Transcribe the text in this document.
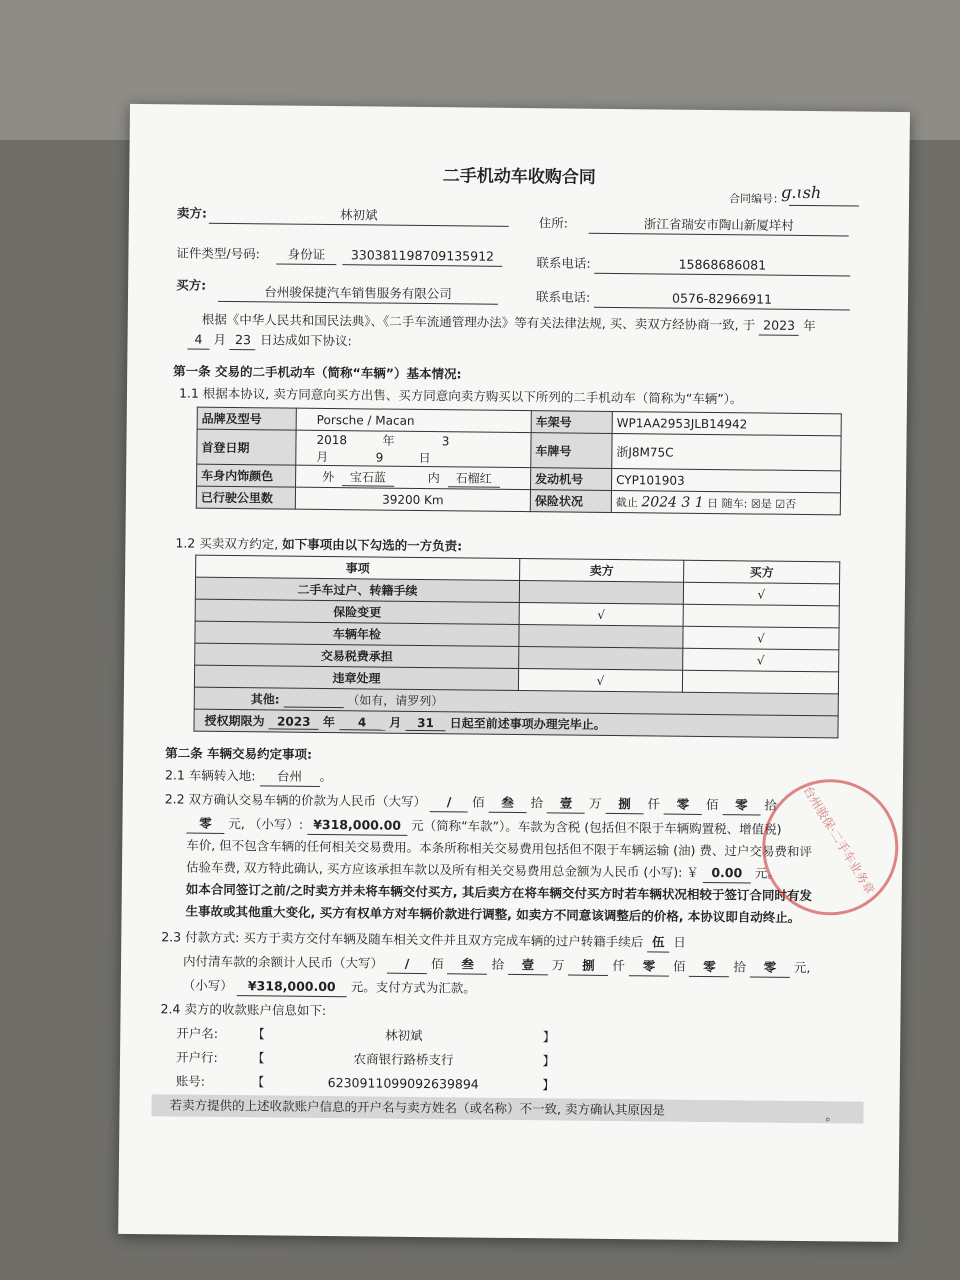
二手机动车收购合同
合同编号：
ɡ.ɩsh
卖方:	林初斌
住所:	浙江省瑞安市陶山新厦垟村
证件类型/号码:	身份证	330381198709135912	联系电话:	15868686081
买方:	台州骏保捷汽车销售服务有限公司	联系电话:	0576-82966911
根据《中华人民共和国民法典》、《二手车流通管理办法》等有关法律法规, 买、卖双方经协商一致, 于 2023 年
4 月 23 日达成如下协议:
第一条 交易的二手机动车（简称“车辆”）基本情况:
1.1 根据本协议, 卖方同意向买方出售、买方同意向卖方购买以下所列的二手机动车（简称为“车辆”）。
品牌及型号	Porsche / Macan	车架号	WP1AA2953JLB14942
首登日期	2018 年 3   月 9 日	车牌号	浙J8M75C
车身内饰颜色	外 宝石蓝 内 石榴红	发动机号	CYP101903
已行驶公里数	39200 Km	保险状况	截止 2024 3 1 日 随车: ☒是 ☑否
1.2 买卖双方约定, 如下事项由以下勾选的一方负责:
事项	卖方	买方
二手车过户、转籍手续		√
保险变更	√	
车辆年检		√
交易税费承担		√
违章处理	√	
其他: （如有，请罗列）		
授权期限为 2023 年 4 月 31 日起至前述事项办理完毕止。		
第二条 车辆交易约定事项:
2.1 车辆转入地: 台州 。
2.2 双方确认交易车辆的价款为人民币（大写） / 佰 叁 拾 壹 万 捌 仟 零 佰 零 拾
零 元, （小写）: ¥318,000.00 元（简称“车款”）。车款为含税 (包括但不限于车辆购置税、增值税)
车价, 但不包含车辆的任何相关交易费用。本条所称相关交易费用包括但不限于车辆运输 (油) 费、过户交易费和评
估验车费, 双方特此确认, 买方应该承担车款以及所有相关交易费用总金额为人民币 (小写): ￥ 0.00 元。
如本合同签订之前/之时卖方并未将车辆交付买方, 其后卖方在将车辆交付买方时若车辆状况相较于签订合同时有发
生事故或其他重大变化, 买方有权单方对车辆价款进行调整, 如卖方不同意该调整后的价格, 本协议即自动终止。
2.3 付款方式: 买方于卖方交付车辆及随车相关文件并且双方完成车辆的过户转籍手续后 伍 日
内付清车款的余额计人民币（大写） / 佰 叁 拾 壹 万 捌 仟 零 佰 零 拾 零 元,
（小写） ¥318,000.00 元。支付方式为汇款。
2.4 卖方的收款账户信息如下:
开户名:	【	林初斌	】
开户行:	【	农商银行路桥支行	】
账号:	【	6230911099092639894	】
若卖方提供的上述收款账户信息的开户名与卖方姓名（或名称）不一致, 卖方确认其原因是	。
台州骏保·二手车业务章
